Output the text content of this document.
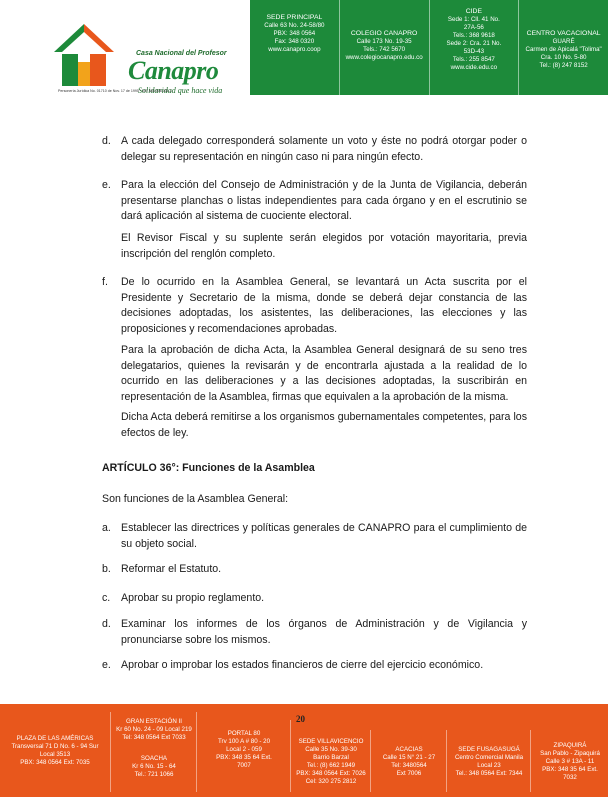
Casa Nacional del Profesor
Canapro
Solidaridad que hace vida
Personería Jurídica No. 01710 de Nov. 17 de 1995 · NIT 860.008.031-1
SEDE PRINCIPAL
Calle 63 No. 24-58/80
PBX: 348 0564
Fax: 348 0320
www.canapro.coop
COLEGIO CANAPRO
Calle 173 No. 19-35
Tels.: 742 5670
www.colegiocanapro.edu.co
CIDE
Sede 1: Cll. 41 No.
27A-56
Tels.: 368 9618
Sede 2: Cra. 21 No.
53D-43
Tels.: 255 8547
www.cide.edu.co
CENTRO VACACIONAL
GUARÉ
Carmen de Apicalá "Tolima"
Cra. 10 No. 5-80
Tel.: (8) 247 8152
d. A cada delegado corresponderá solamente un voto y éste no podrá otorgar poder o delegar su representación en ningún caso ni para ningún efecto.
e. Para la elección del Consejo de Administración y de la Junta de Vigilancia, deberán presentarse planchas o listas independientes para cada órgano y en el escrutinio se dará aplicación al sistema de cuociente electoral.
El Revisor Fiscal y su suplente serán elegidos por votación mayoritaria, previa inscripción del renglón completo.
f. De lo ocurrido en la Asamblea General, se levantará un Acta suscrita por el Presidente y Secretario de la misma, donde se deberá dejar constancia de las decisiones adoptadas, los asistentes, las deliberaciones, las elecciones y las proposiciones y recomendaciones aprobadas.
Para la aprobación de dicha Acta, la Asamblea General designará de su seno tres delegatarios, quienes la revisarán y de encontrarla ajustada a la realidad de lo ocurrido en las deliberaciones y a las decisiones adoptadas, la suscribirán en representación de la Asamblea, firmas que equivalen a la aprobación de la misma.
Dicha Acta deberá remitirse a los organismos gubernamentales competentes, para los efectos de ley.
ARTÍCULO 36°: Funciones de la Asamblea
Son funciones de la Asamblea General:
a. Establecer las directrices y políticas generales de CANAPRO para el cumplimiento de su objeto social.
b. Reformar el Estatuto.
c. Aprobar su propio reglamento.
d. Examinar los informes de los órganos de Administración y de Vigilancia y pronunciarse sobre los mismos.
e. Aprobar o improbar los estados financieros de cierre del ejercicio económico.
20
PLAZA DE LAS AMÉRICAS
Transversal 71 D No. 6 - 94 Sur
Local 3513
PBX: 348 0564 Ext: 7035
GRAN ESTACIÓN II
Kr 60 No. 24 - 09 Local 219
Tel: 348 0564 Ext 7033
SOACHA
Kr 6 No. 15 - 64
Tel.: 721 1066
PORTAL 80
Trv 100 A # 80 - 20
Local 2 - 059
PBX: 348 35 64 Ext.
7007
SEDE VILLAVICENCIO
Calle 35 No. 39-30
Barrio Barzal
Tel.: (8) 662 1949
PBX: 348 0564 Ext: 7026
Cel: 320 275 2812
ACACIAS
Calle 15 N° 21 - 27
Tel: 3480564
Ext 7006
SEDE FUSAGASUGÁ
Centro Comercial Manila
Local 23
Tel.: 348 0564 Ext: 7344
ZIPAQUIRÁ
San Pablo - Zipaquirá
Calle 3 # 13A - 11
PBX: 348 35 64 Ext.
7032
